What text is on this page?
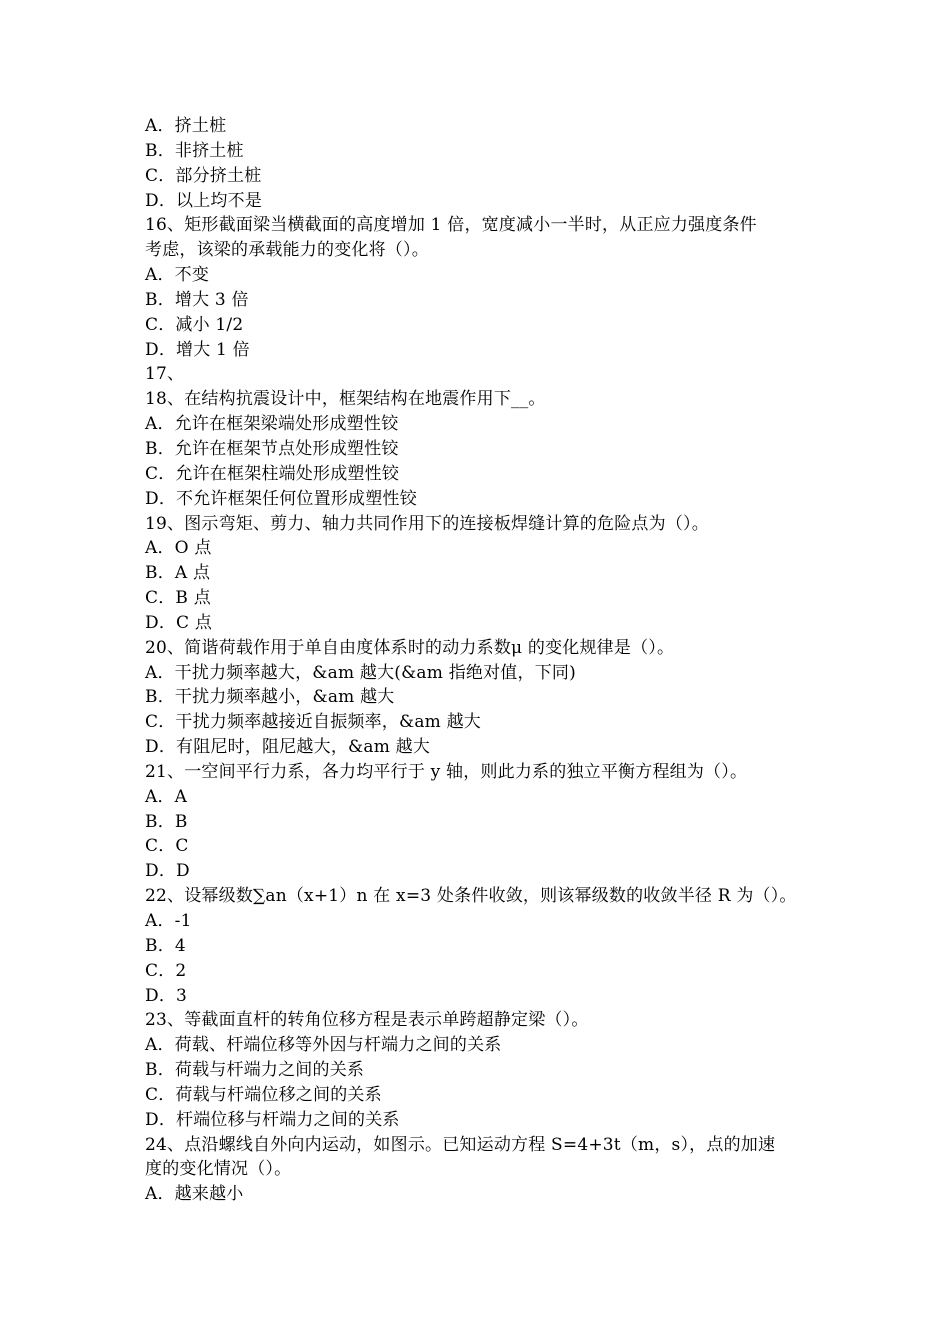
A．挤土桩
B．非挤土桩
C．部分挤土桩
D．以上均不是
16、矩形截面梁当横截面的高度增加 1 倍，宽度减小一半时，从正应力强度条件
考虑，该梁的承载能力的变化将（）。
A．不变
B．增大 3 倍
C．减小 1/2
D．增大 1 倍
17、
18、在结构抗震设计中，框架结构在地震作用下__。
A．允许在框架梁端处形成塑性铰
B．允许在框架节点处形成塑性铰
C．允许在框架柱端处形成塑性铰
D．不允许框架任何位置形成塑性铰
19、图示弯矩、剪力、轴力共同作用下的连接板焊缝计算的危险点为（）。
A．O 点
B．A 点
C．B 点
D．C 点
20、简谐荷载作用于单自由度体系时的动力系数μ 的变化规律是（）。
A．干扰力频率越大，&am 越大(&am 指绝对值，下同)
B．干扰力频率越小，&am 越大
C．干扰力频率越接近自振频率，&am 越大
D．有阻尼时，阻尼越大，&am 越大
21、一空间平行力系，各力均平行于 y 轴，则此力系的独立平衡方程组为（）。
A．A
B．B
C．C
D．D
22、设幂级数∑an（x+1）n 在 x=3 处条件收敛，则该幂级数的收敛半径 R 为（）。
A．-1
B．4
C．2
D．3
23、等截面直杆的转角位移方程是表示单跨超静定梁（）。
A．荷载、杆端位移等外因与杆端力之间的关系
B．荷载与杆端力之间的关系
C．荷载与杆端位移之间的关系
D．杆端位移与杆端力之间的关系
24、点沿螺线自外向内运动，如图示。已知运动方程 S=4+3t（m，s），点的加速
度的变化情况（）。
A．越来越小
